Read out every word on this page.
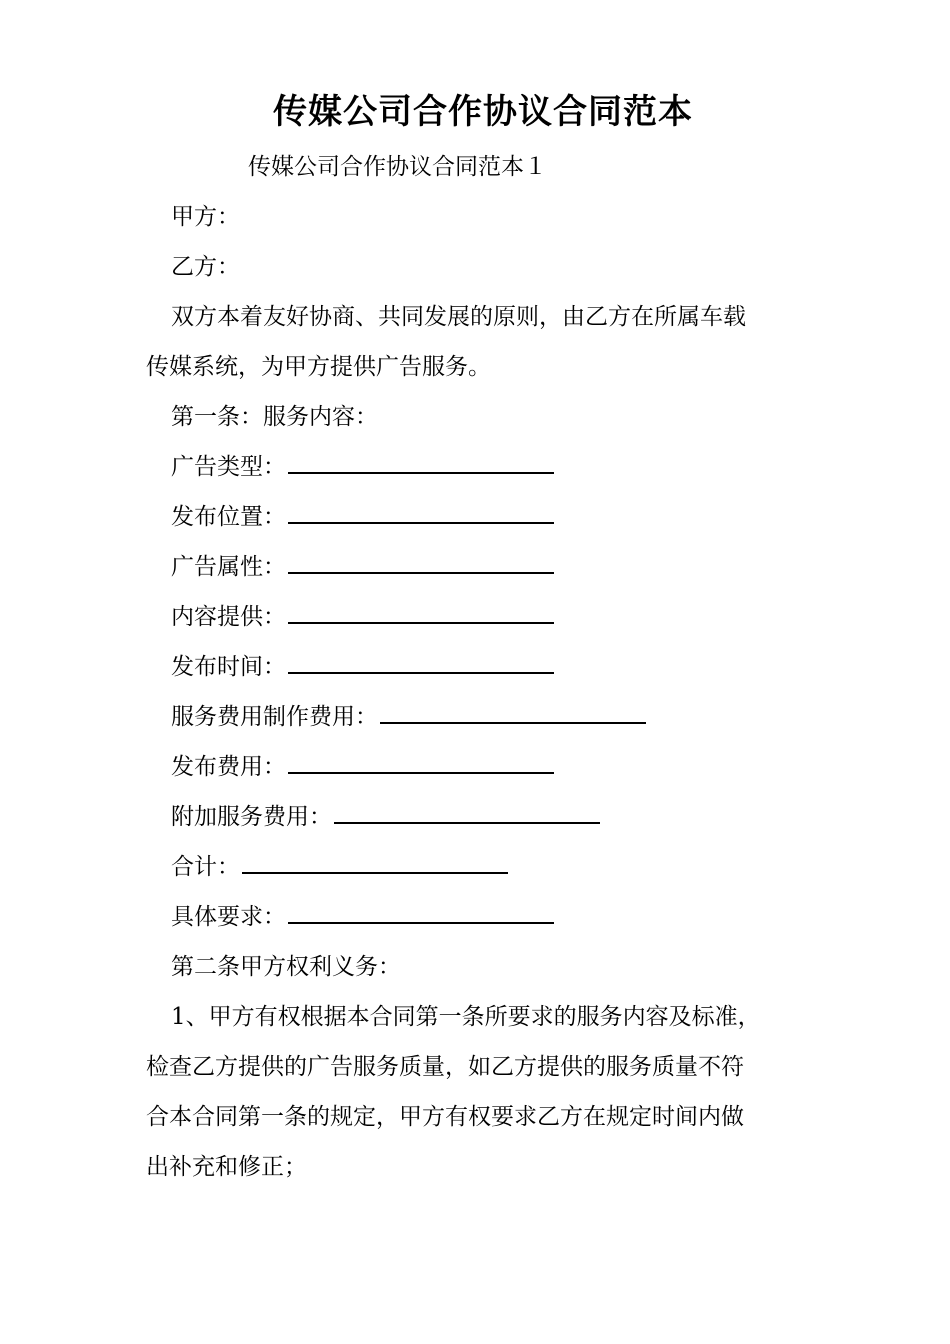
传媒公司合作协议合同范本
传媒公司合作协议合同范本１
甲方：
乙方：
双方本着友好协商、共同发展的原则，由乙方在所属车载
传媒系统，为甲方提供广告服务。
第一条：服务内容：
广告类型：
发布位置：
广告属性：
内容提供：
发布时间：
服务费用制作费用：
发布费用：
附加服务费用：
合计：
具体要求：
第二条甲方权利义务：
1、甲方有权根据本合同第一条所要求的服务内容及标准，
检查乙方提供的广告服务质量，如乙方提供的服务质量不符
合本合同第一条的规定，甲方有权要求乙方在规定时间内做
出补充和修正；
